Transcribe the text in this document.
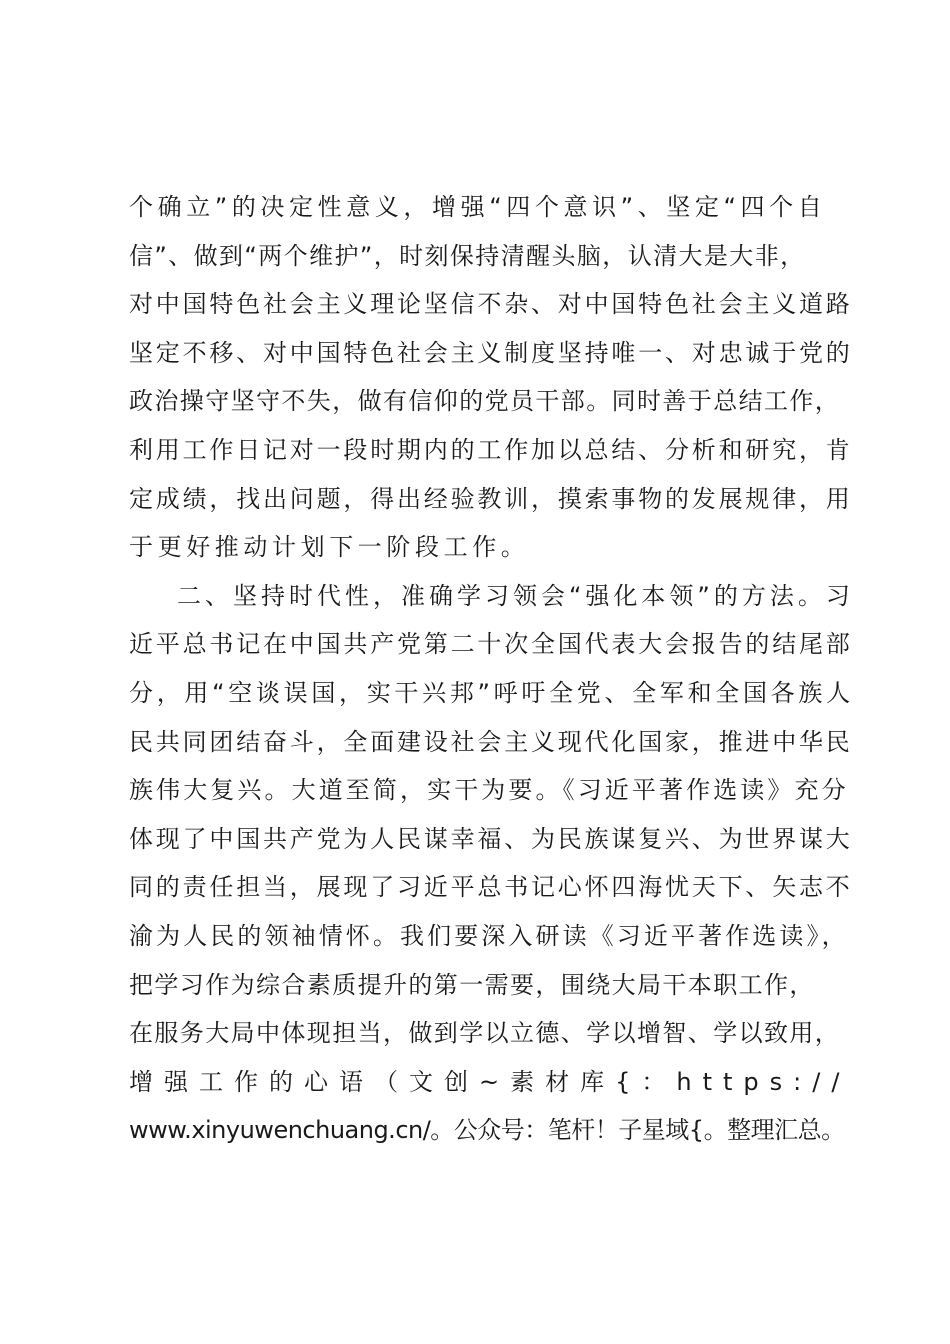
个确立”的决定性意义，增强“四个意识”、坚定“四个自
信”、做到“两个维护”，时刻保持清醒头脑，认清大是大非，
对中国特色社会主义理论坚信不杂、对中国特色社会主义道路
坚定不移、对中国特色社会主义制度坚持唯一、对忠诚于党的
政治操守坚守不失，做有信仰的党员干部。同时善于总结工作，
利用工作日记对一段时期内的工作加以总结、分析和研究，肯
定成绩，找出问题，得出经验教训，摸索事物的发展规律，用
于更好推动计划下一阶段工作。
二、坚持时代性，准确学习领会“强化本领”的方法。习
近平总书记在中国共产党第二十次全国代表大会报告的结尾部
分，用“空谈误国，实干兴邦”呼吁全党、全军和全国各族人
民共同团结奋斗，全面建设社会主义现代化国家，推进中华民
族伟大复兴。大道至简，实干为要。《习近平著作选读》充分
体现了中国共产党为人民谋幸福、为民族谋复兴、为世界谋大
同的责任担当，展现了习近平总书记心怀四海忧天下、矢志不
渝为人民的领袖情怀。我们要深入研读《习近平著作选读》，
把学习作为综合素质提升的第一需要，围绕大局干本职工作，
在服务大局中体现担当，做到学以立德、学以增智、学以致用，
增强工作的心语（文创~素材库{：https://
www.xinyuwenchuang.cn/。公众号：笔杆！子星域{。整理汇总。
